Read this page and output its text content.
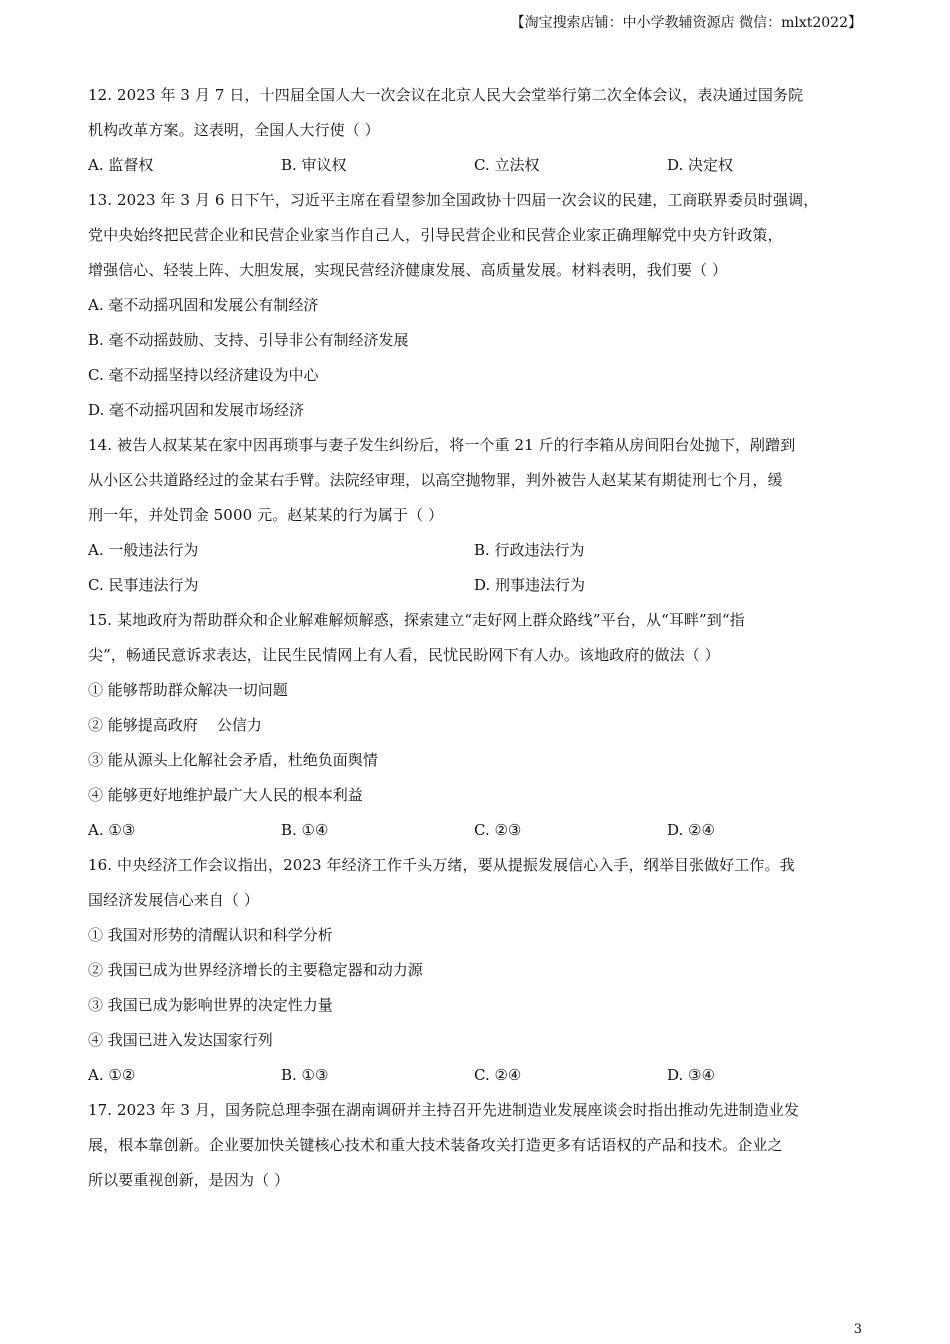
【淘宝搜索店铺：中小学教辅资源店 微信：mlxt2022】
12. 2023 年 3 月 7 日，十四届全国人大一次会议在北京人民大会堂举行第二次全体会议，表决通过国务院
机构改革方案。这表明，全国人大行使（ ）
A. 监督权	B. 审议权	C. 立法权	D. 决定权
13. 2023 年 3 月 6 日下午，习近平主席在看望参加全国政协十四届一次会议的民建，工商联界委员时强调，
党中央始终把民营企业和民营企业家当作自己人，引导民营企业和民营企业家正确理解党中央方针政策，
增强信心、轻装上阵、大胆发展，实现民营经济健康发展、高质量发展。材料表明，我们要（ ）
A. 毫不动摇巩固和发展公有制经济
B. 毫不动摇鼓励、支持、引导非公有制经济发展
C. 毫不动摇坚持以经济建设为中心
D. 毫不动摇巩固和发展市场经济
14. 被告人叔某某在家中因再琐事与妻子发生纠纷后，将一个重 21 斤的行李箱从房间阳台处抛下，剐蹭到
从小区公共道路经过的金某右手臂。法院经审理，以高空抛物罪，判外被告人赵某某有期徒刑七个月，缓
刑一年，并处罚金 5000 元。赵某某的行为属于（ ）
A. 一般违法行为	B. 行政违法行为
C. 民事违法行为	D. 刑事违法行为
15. 某地政府为帮助群众和企业解难解烦解惑，探索建立“走好网上群众路线”平台，从“耳畔”到“指
尖”，畅通民意诉求表达，让民生民情网上有人看，民忧民盼网下有人办。该地政府的做法（ ）
① 能够帮助群众解决一切问题
② 能够提高政府    公信力
③ 能从源头上化解社会矛盾，杜绝负面舆情
④ 能够更好地维护最广大人民的根本利益
A. ①③	B. ①④	C. ②③	D. ②④
16. 中央经济工作会议指出，2023 年经济工作千头万绪，要从提振发展信心入手，纲举目张做好工作。我
国经济发展信心来自（ ）
① 我国对形势的清醒认识和科学分析
② 我国已成为世界经济增长的主要稳定器和动力源
③ 我国已成为影响世界的决定性力量
④ 我国已进入发达国家行列
A. ①②	B. ①③	C. ②④	D. ③④
17. 2023 年 3 月，国务院总理李强在湖南调研并主持召开先进制造业发展座谈会时指出推动先进制造业发
展，根本靠创新。企业要加快关键核心技术和重大技术装备攻关打造更多有话语权的产品和技术。企业之
所以要重视创新，是因为（ ）
3
